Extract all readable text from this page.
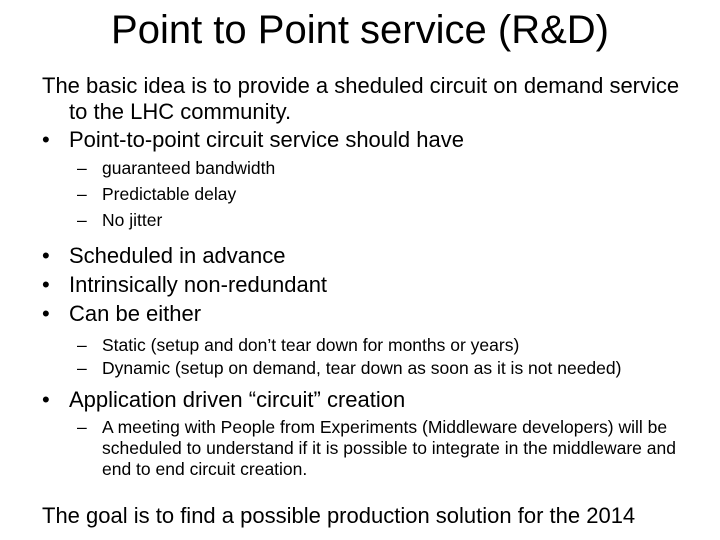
Point to Point service (R&D)

The basic idea is to provide a sheduled circuit on demand service to the LHC community.

• Point-to-point circuit service should have

– guaranteed bandwidth

– Predictable delay

– No jitter

• Scheduled in advance

• Intrinsically non-redundant

• Can be either

– Static (setup and don’t tear down for months or years)

– Dynamic (setup on demand, tear down as soon as it is not needed)

• Application driven “circuit” creation

– A meeting with People from Experiments (Middleware developers) will be scheduled to understand if it is possible to integrate in the middleware and end to end circuit creation.

The goal is to find a possible production solution for the 2014
